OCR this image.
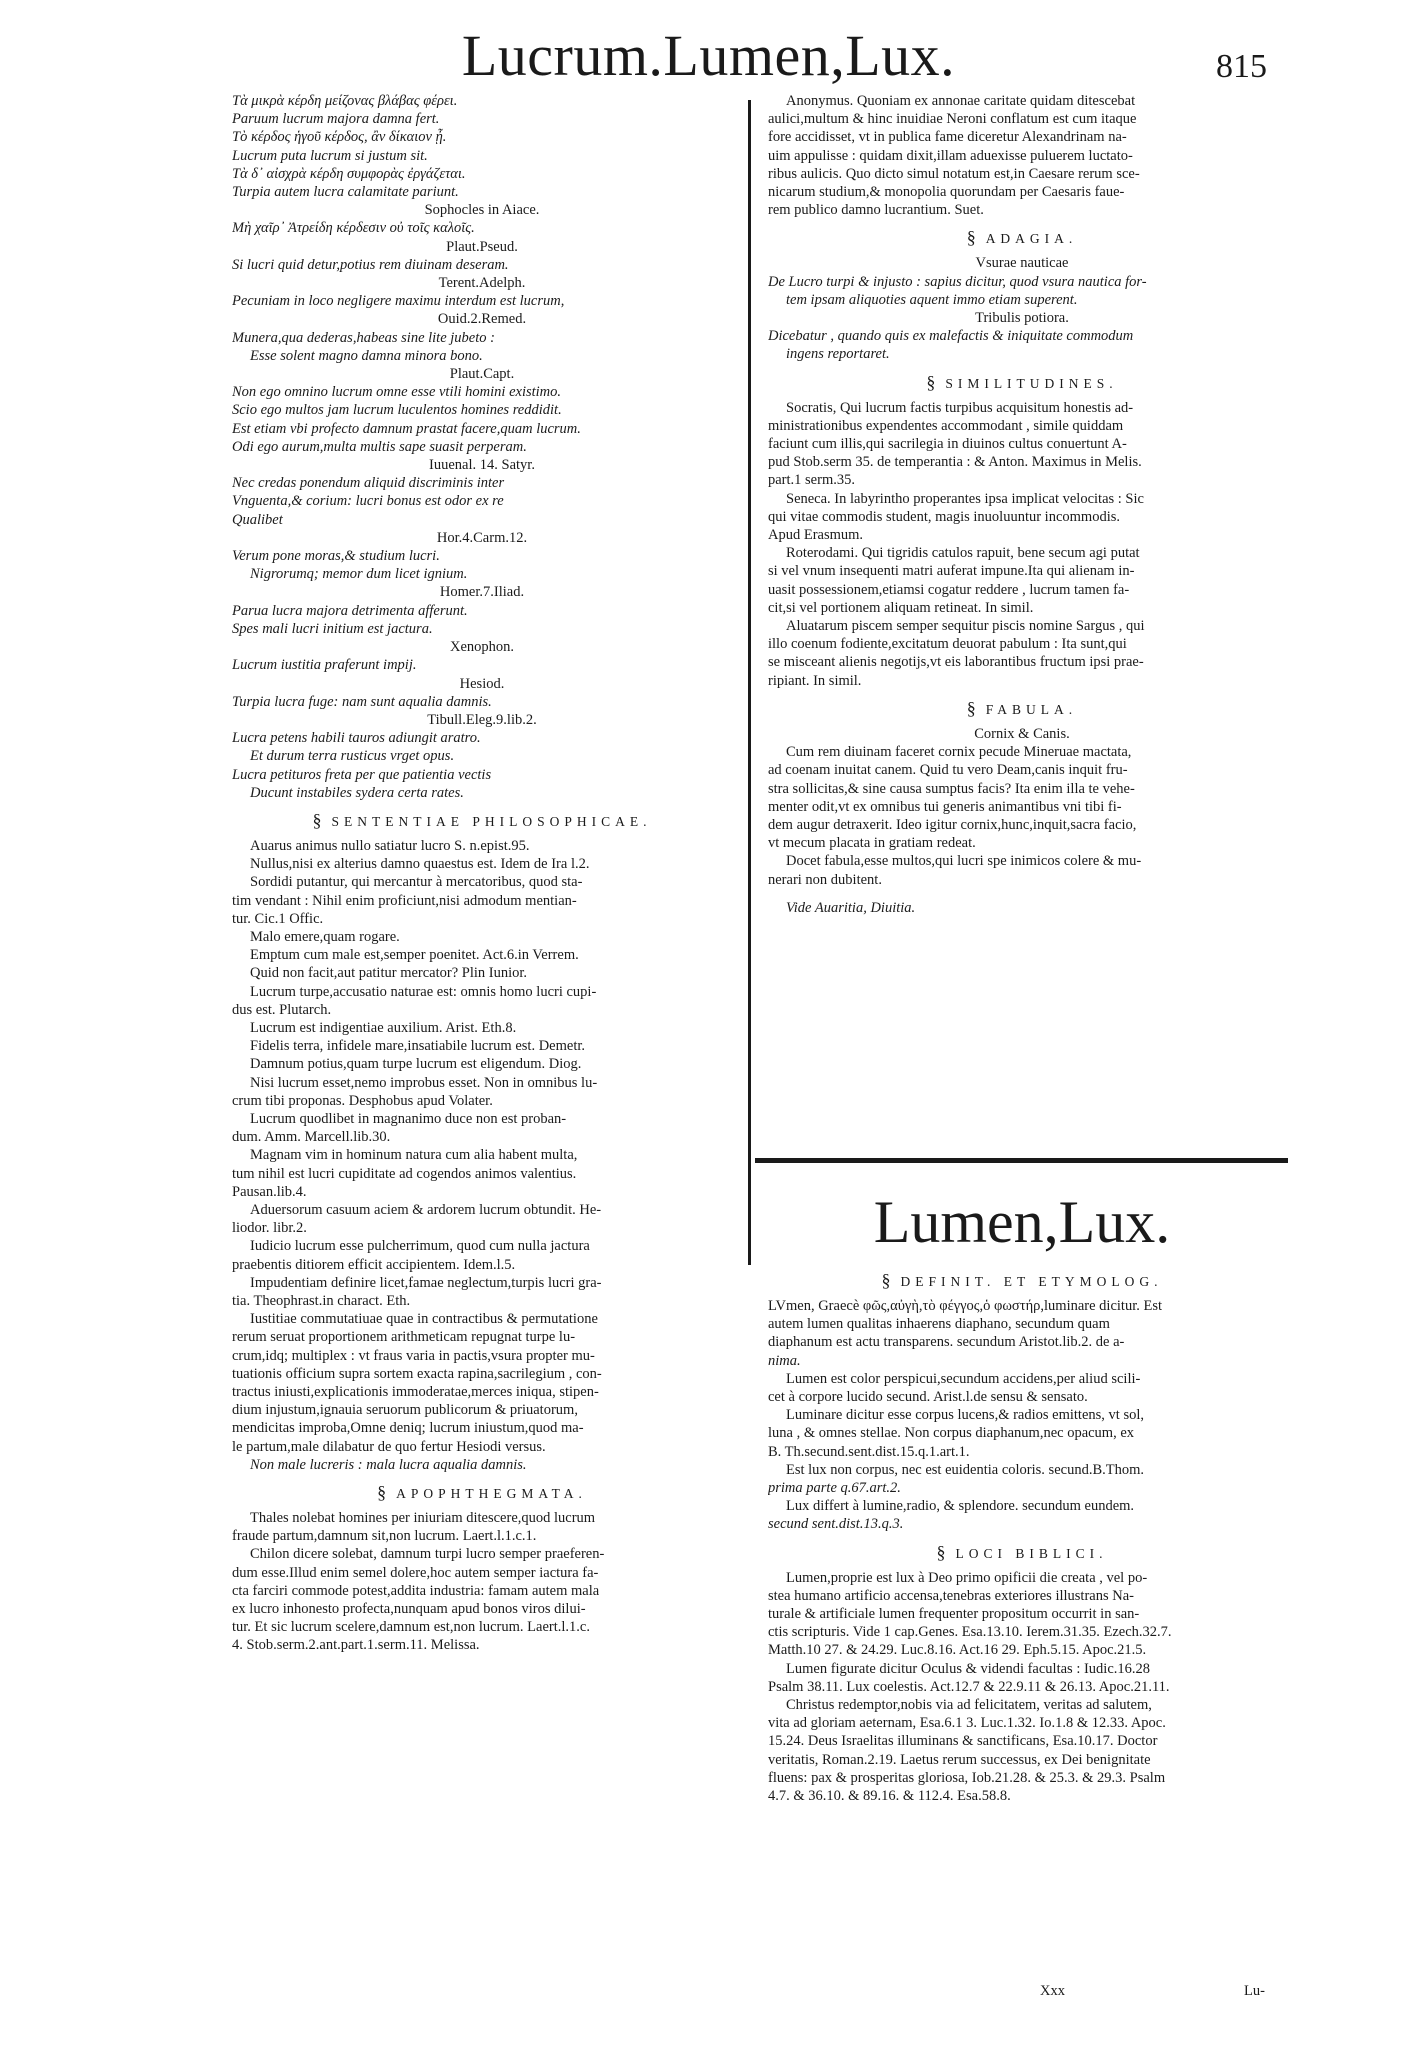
Lucrum.Lumen,Lux.	815
Τὰ μικρὰ κέρδη μείζονας βλάβας φέρει.
Paruum lucrum majora damna fert.
Τὸ κέρδος ἡγοῦ κέρδος, ἂν δίκαιον ᾖ.
Lucrum puta lucrum si justum sit.
Τὰ δ᾽ αἰσχρὰ κέρδη συμφορὰς ἐργάζεται.
Turpia autem lucra calamitate pariunt.
Sophocles in Aiace.
Μὴ χαῖρ᾽ Ἀτρείδη κέρδεσιν οὐ τοῖς καλοῖς.
Plaut.Pseud.
Si lucri quid detur,potius rem diuinam deseram.
Terent.Adelph.
Pecuniam in loco negligere maximu interdum est lucrum,
Ouid.2.Remed.
Munera,qua dederas,habeas sine lite jubeto :
Esse solent magno damna minora bono.
Plaut.Capt.
Non ego omnino lucrum omne esse vtili homini existimo.
Scio ego multos jam lucrum luculentos homines reddidit.
Est etiam vbi profecto damnum prastat facere,quam lucrum.
Odi ego aurum,multa multis sape suasit perperam.
Iuuenal. 14. Satyr.
Nec credas ponendum aliquid discriminis inter
Vnguenta,& corium: lucri bonus est odor ex re
Qualibet
Hor.4.Carm.12.
Verum pone moras,& studium lucri.
Nigrorumq; memor dum licet ignium.
Homer.7.Iliad.
Parua lucra majora detrimenta afferunt.
Spes mali lucri initium est jactura.
Xenophon.
Lucrum iustitia praferunt impij.
Hesiod.
Turpia lucra fuge: nam sunt aqualia damnis.
Tibull.Eleg.9.lib.2.
Lucra petens habili tauros adiungit aratro.
Et durum terra rusticus vrget opus.
Lucra petituros freta per que patientia vectis
Ducunt instabiles sydera certa rates.
§ SENTENTIAE PHILOSOPHICAE.
Auarus animus nullo satiatur lucro S. n.epist.95.
Nullus,nisi ex alterius damno quaestus est. Idem de Ira l.2.
Sordidi putantur, qui mercantur à mercatoribus, quod sta-
tim vendant : Nihil enim proficiunt,nisi admodum mentian-
tur. Cic.1 Offic.
Malo emere,quam rogare.
Emptum cum male est,semper poenitet. Act.6.in Verrem.
Quid non facit,aut patitur mercator? Plin Iunior.
Lucrum turpe,accusatio naturae est: omnis homo lucri cupi-
dus est. Plutarch.
Lucrum est indigentiae auxilium. Arist. Eth.8.
Fidelis terra, infidele mare,insatiabile lucrum est. Demetr.
Damnum potius,quam turpe lucrum est eligendum. Diog.
Nisi lucrum esset,nemo improbus esset. Non in omnibus lu-
crum tibi proponas. Desphobus apud Volater.
Lucrum quodlibet in magnanimo duce non est proban-
dum. Amm. Marcell.lib.30.
Magnam vim in hominum natura cum alia habent multa,
tum nihil est lucri cupiditate ad cogendos animos valentius.
Pausan.lib.4.
Aduersorum casuum aciem & ardorem lucrum obtundit. He-
liodor. libr.2.
Iudicio lucrum esse pulcherrimum, quod cum nulla jactura
praebentis ditiorem efficit accipientem. Idem.l.5.
Impudentiam definire licet,famae neglectum,turpis lucri gra-
tia. Theophrast.in charact. Eth.
Iustitiae commutatiuae quae in contractibus & permutatione
rerum seruat proportionem arithmeticam repugnat turpe lu-
crum,idq; multiplex : vt fraus varia in pactis,vsura propter mu-
tuationis officium supra sortem exacta rapina,sacrilegium , con-
tractus iniusti,explicationis immoderatae,merces iniqua, stipen-
dium injustum,ignauia seruorum publicorum & priuatorum,
mendicitas improba,Omne deniq; lucrum iniustum,quod ma-
le partum,male dilabatur de quo fertur Hesiodi versus.
Non male lucreris : mala lucra aqualia damnis.
§ APOPHTHEGMATA.
Thales nolebat homines per iniuriam ditescere,quod lucrum
fraude partum,damnum sit,non lucrum. Laert.l.1.c.1.
Chilon dicere solebat, damnum turpi lucro semper praeferen-
dum esse.Illud enim semel dolere,hoc autem semper iactura fa-
cta farciri commode potest,addita industria: famam autem mala
ex lucro inhonesto profecta,nunquam apud bonos viros dilui-
tur. Et sic lucrum scelere,damnum est,non lucrum. Laert.l.1.c.
4. Stob.serm.2.ant.part.1.serm.11. Melissa.
Anonymus. Quoniam ex annonae caritate quidam ditescebat
aulici,multum & hinc inuidiae Neroni conflatum est cum itaque
fore accidisset, vt in publica fame diceretur Alexandrinam na-
uim appulisse : quidam dixit,illam aduexisse puluerem luctato-
ribus aulicis. Quo dicto simul notatum est,in Caesare rerum sce-
nicarum studium,& monopolia quorundam per Caesaris faue-
rem publico damno lucrantium. Suet.
§ ADAGIA.
Vsurae nauticae
De Lucro turpi & injusto : sapius dicitur, quod vsura nautica for-
tem ipsam aliquoties aquent immo etiam superent.
Tribulis potiora.
Dicebatur , quando quis ex malefactis & iniquitate commodum
ingens reportaret.
§ SIMILITUDINES.
Socratis, Qui lucrum factis turpibus acquisitum honestis ad-
ministrationibus expendentes accommodant , simile quiddam
faciunt cum illis,qui sacrilegia in diuinos cultus conuertunt A-
pud Stob.serm 35. de temperantia : & Anton. Maximus in Melis.
part.1 serm.35.
Seneca. In labyrintho properantes ipsa implicat velocitas : Sic
qui vitae commodis student, magis inuoluuntur incommodis.
Apud Erasmum.
Roterodami. Qui tigridis catulos rapuit, bene secum agi putat
si vel vnum insequenti matri auferat impune.Ita qui alienam in-
uasit possessionem,etiamsi cogatur reddere , lucrum tamen fa-
cit,si vel portionem aliquam retineat. In simil.
Aluatarum piscem semper sequitur piscis nomine Sargus , qui
illo coenum fodiente,excitatum deuorat pabulum : Ita sunt,qui
se misceant alienis negotijs,vt eis laborantibus fructum ipsi prae-
ripiant. In simil.
§ FABULA.
Cornix & Canis.
Cum rem diuinam faceret cornix pecude Mineruae mactata,
ad coenam inuitat canem. Quid tu vero Deam,canis inquit fru-
stra sollicitas,& sine causa sumptus facis? Ita enim illa te vehe-
menter odit,vt ex omnibus tui generis animantibus vni tibi fi-
dem augur detraxerit. Ideo igitur cornix,hunc,inquit,sacra facio,
vt mecum placata in gratiam redeat.
Docet fabula,esse multos,qui lucri spe inimicos colere & mu-
nerari non dubitent.
Vide Auaritia, Diuitia.
Lumen,Lux.
§ DEFINIT. ET ETYMOLOG.
LVmen, Graecè φῶς,αὐγὴ,τὸ φέγγος,ὁ φωστήρ,luminare dicitur. Est
autem lumen qualitas inhaerens diaphano, secundum quam
diaphanum est actu transparens. secundum Aristot.lib.2. de a-
nima.
Lumen est color perspicui,secundum accidens,per aliud scili-
cet à corpore lucido secund. Arist.l.de sensu & sensato.
Luminare dicitur esse corpus lucens,& radios emittens, vt sol,
luna , & omnes stellae. Non corpus diaphanum,nec opacum, ex
B. Th.secund.sent.dist.15.q.1.art.1.
Est lux non corpus, nec est euidentia coloris. secund.B.Thom.
prima parte q.67.art.2.
Lux differt à lumine,radio, & splendore. secundum eundem.
secund sent.dist.13.q.3.
§ LOCI BIBLICI.
Lumen,proprie est lux à Deo primo opificii die creata , vel po-
stea humano artificio accensa,tenebras exteriores illustrans Na-
turale & artificiale lumen frequenter propositum occurrit in san-
ctis scripturis. Vide 1 cap.Genes. Esa.13.10. Ierem.31.35. Ezech.32.7.
Matth.10 27. & 24.29. Luc.8.16. Act.16 29. Eph.5.15. Apoc.21.5.
Lumen figurate dicitur Oculus & videndi facultas : Iudic.16.28
Psalm 38.11. Lux coelestis. Act.12.7 & 22.9.11 & 26.13. Apoc.21.11.
Christus redemptor,nobis via ad felicitatem, veritas ad salutem,
vita ad gloriam aeternam, Esa.6.1 3. Luc.1.32. Io.1.8 & 12.33. Apoc.
15.24. Deus Israelitas illuminans & sanctificans, Esa.10.17. Doctor
veritatis, Roman.2.19. Laetus rerum successus, ex Dei benignitate
fluens: pax & prosperitas gloriosa, Iob.21.28. & 25.3. & 29.3. Psalm
4.7. & 36.10. & 89.16. & 112.4. Esa.58.8.
Xxx	Lu-
